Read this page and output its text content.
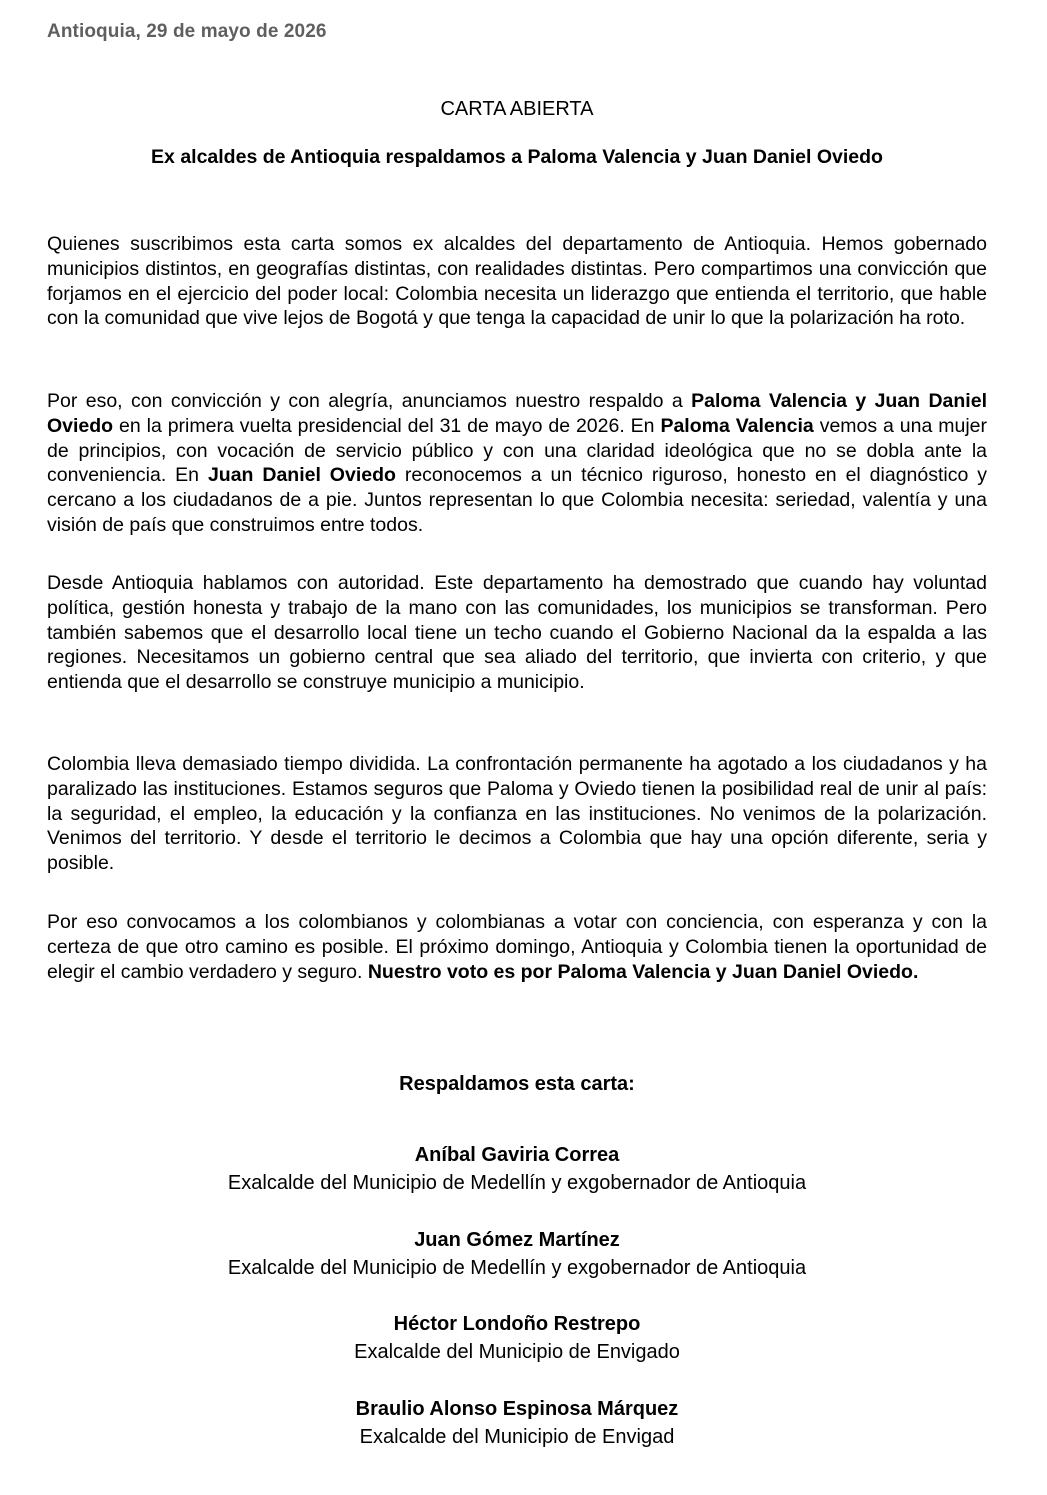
Antioquia, 29 de mayo de 2026
CARTA ABIERTA
Ex alcaldes de Antioquia respaldamos a Paloma Valencia y Juan Daniel Oviedo

Quienes suscribimos esta carta somos ex alcaldes del departamento de Antioquia. Hemos gobernado municipios distintos, en geografías distintas, con realidades distintas. Pero compartimos una convicción que forjamos en el ejercicio del poder local: Colombia necesita un liderazgo que entienda el territorio, que hable con la comunidad que vive lejos de Bogotá y que tenga la capacidad de unir lo que la polarización ha roto.

Por eso, con convicción y con alegría, anunciamos nuestro respaldo a Paloma Valencia y Juan Daniel Oviedo en la primera vuelta presidencial del 31 de mayo de 2026. En Paloma Valencia vemos a una mujer de principios, con vocación de servicio público y con una claridad ideológica que no se dobla ante la conveniencia. En Juan Daniel Oviedo reconocemos a un técnico riguroso, honesto en el diagnóstico y cercano a los ciudadanos de a pie. Juntos representan lo que Colombia necesita: seriedad, valentía y una visión de país que construimos entre todos.

Desde Antioquia hablamos con autoridad. Este departamento ha demostrado que cuando hay voluntad política, gestión honesta y trabajo de la mano con las comunidades, los municipios se transforman. Pero también sabemos que el desarrollo local tiene un techo cuando el Gobierno Nacional da la espalda a las regiones. Necesitamos un gobierno central que sea aliado del territorio, que invierta con criterio, y que entienda que el desarrollo se construye municipio a municipio.

Colombia lleva demasiado tiempo dividida. La confrontación permanente ha agotado a los ciudadanos y ha paralizado las instituciones. Estamos seguros que Paloma y Oviedo tienen la posibilidad real de unir al país: la seguridad, el empleo, la educación y la confianza en las instituciones. No venimos de la polarización. Venimos del territorio. Y desde el territorio le decimos a Colombia que hay una opción diferente, seria y posible.

Por eso convocamos a los colombianos y colombianas a votar con conciencia, con esperanza y con la certeza de que otro camino es posible. El próximo domingo, Antioquia y Colombia tienen la oportunidad de elegir el cambio verdadero y seguro. Nuestro voto es por Paloma Valencia y Juan Daniel Oviedo.

Respaldamos esta carta:
Aníbal Gaviria Correa
Exalcalde del Municipio de Medellín y exgobernador de Antioquia
Juan Gómez Martínez
Exalcalde del Municipio de Medellín y exgobernador de Antioquia
Héctor Londoño Restrepo
Exalcalde del Municipio de Envigado
Braulio Alonso Espinosa Márquez
Exalcalde del Municipio de Envigad
